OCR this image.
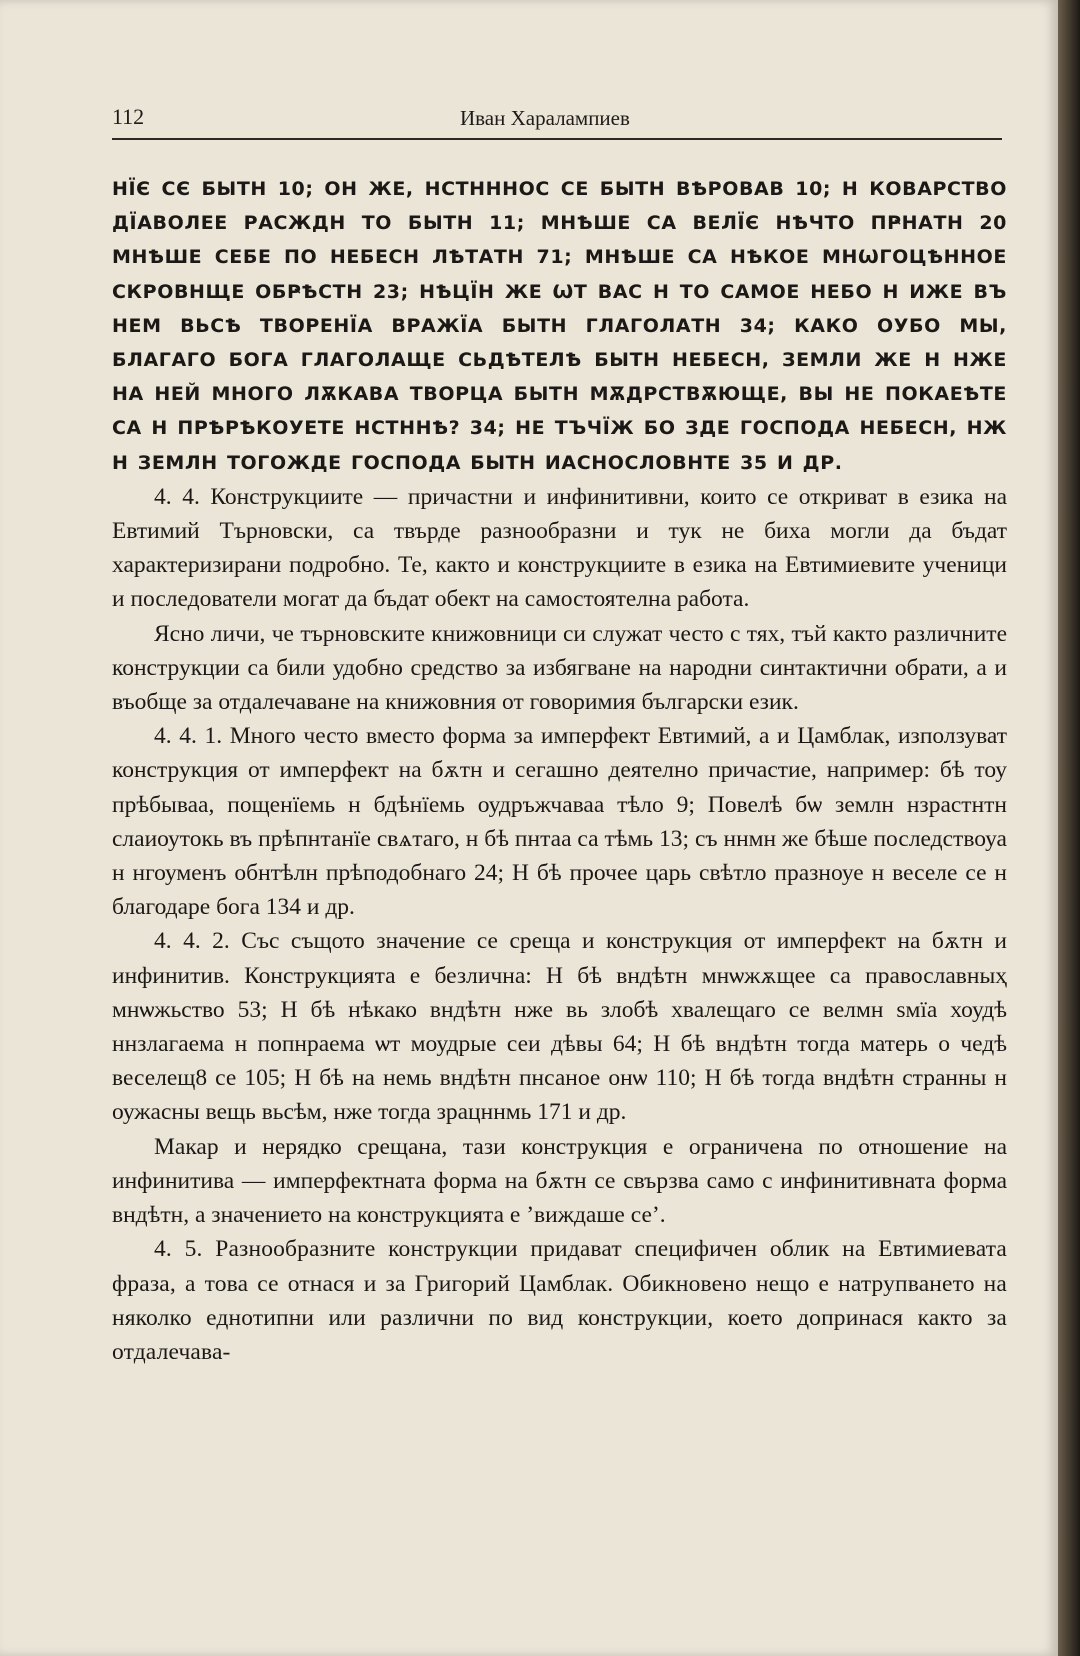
112	Иван Харалампиев

НЇЄ СЄ БЫТН 10; ОН ЖЕ, НСТНННОС СЕ БЫТН ВѢРОВАВ 10; Н КОВАРСТВО ДЇАВОЛЕЕ РАСЖДН ТО БЫТН 11; МНѢШЕ СА ВЕЛЇЄ НѢЧТО ПҎНАТН 20 МНѢШЕ СЕБЕ ПО НЕБЕСН ЛѢТАТН 71; МНѢШЕ СА НѢКОЕ МНѠГОЦѢННОЕ СКРОВНЩЕ ОБҎѢСТН 23; НѢЦЇН ЖЕ ѠТ ВАС Н ТО САМОЕ НЕБО Н ИЖЕ ВЪ НЕМ ВЬСѢ ТВОРЕНЇА ВРАЖЇА БЫТН ГЛАГОЛАТН 34; КАКО ОУБО МЫ, БЛАГАГО БОГА ГЛАГОЛАЩЕ СЬДѢТЕЛѢ БЫТН НЕБЕСН, ЗЕМЛИ ЖЕ Н НЖЕ НА НЕЙ МНОГО ЛѪКАВА ТВОРЦА БЫТН МѪДРСТВѪЮЩЕ, ВЫ НЕ ПОКАЕѢТЕ СА Н ПРѢРѢКОУЕТЕ НСТННѢ? 34; НЕ ТЪЧЇЖ БО ЗДЕ ГОСПОДА НЕБЕСН, НЖ Н ЗЕМЛН ТОГОЖДЕ ГОСПОДА БЫТН ИАСНОСЛОВНТЕ 35 И ДР.

4. 4. Конструкциите — причастни и инфинитивни, които се откриват в езика на Евтимий Търновски, са твърде разнообразни и тук не биха могли да бъдат характеризирани подробно. Те, както и конструкциите в езика на Евтимиевите ученици и последователи могат да бъдат обект на самостоятелна работа.

Ясно личи, че търновските книжовници си служат често с тях, тъй както различните конструкции са били удобно средство за избягване на народни синтактични обрати, а и въобще за отдалечаване на книжовния от говоримия български език.

4. 4. 1. Много често вместо форма за имперфект Евтимий, а и Цамблак, използуват конструкция от имперфект на бѫтн и сегашно деятелно причастие, например: бѣ тоу прѣбываа, пощенїемь н бдѣнїемь оудръжчаваа тѣло 9; Повелѣ бѡ землн нзрастнтн слаиоутокь въ прѣпнтанїе свѧтаго, н бѣ пнтаа са тѣмь 13; съ ннмн же бѣше последствоуа н нгоуменъ обнтѣлн прѣподобнаго 24; Н бѣ прочее царь свѣтло празноуе н веселе се н благодаре бога 134 и др.

4. 4. 2. Със същото значение се среща и конструкция от имперфект на бѫтн и инфинитив. Конструкцията е безлична: Н бѣ вндѣтн мнѡжѫщее са православныҳ мнѡжьство 53; Н бѣ нѣкако вндѣтн нже вь злобѣ хвалещаго се велмн ѕмїа хоудѣ ннзлагаема н попнраема ѡт моудрые сеи дѣвы 64; Н бѣ вндѣтн тогда матерь о чедѣ веселещ8 се 105; Н бѣ на немь вндѣтн пнсаное онѡ 110; Н бѣ тогда вндѣтн странны н оужасны вещь вьсѣм, нже тогда зрацннмь 171 и др.

Макар и нерядко срещана, тази конструкция е ограничена по отношение на инфинитива — имперфектната форма на бѫтн се свързва само с инфинитивната форма вндѣтн, а значението на конструкцията е ’виждаше се’.

4. 5. Разнообразните конструкции придават специфичен облик на Евтимиевата фраза, а това се отнася и за Григорий Цамблак. Обикновено нещо е натрупването на няколко еднотипни или различни по вид конструкции, което допринася както за отдалечава-
